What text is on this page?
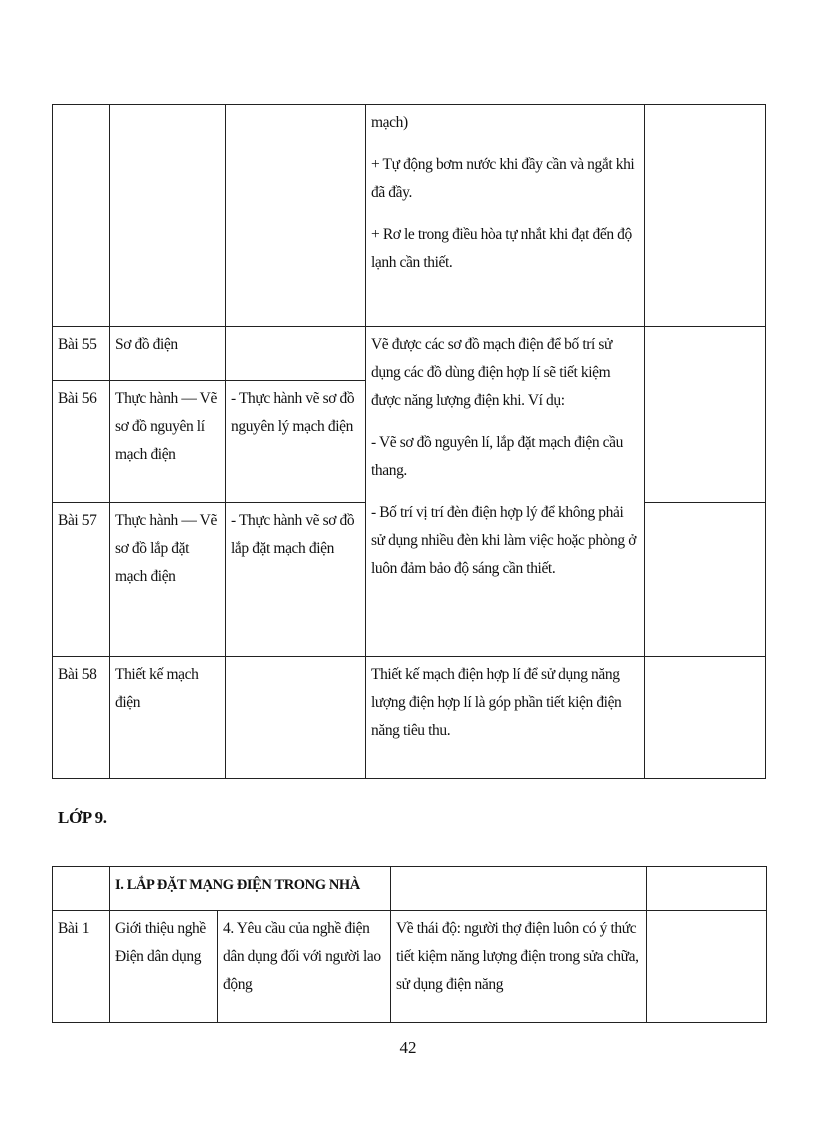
			mạch)

+ Tự động bơm nước khi đầy cần và ngắt khi đã đầy.

+ Rơ le trong điều hòa tự nhắt khi đạt đến độ lạnh cần thiết.	

Bài 55	Sơ đồ điện		Vẽ được các sơ đồ mạch điện để bố trí sử dụng các đồ dùng điện hợp lí sẽ tiết kiệm được năng lượng điện khi. Ví dụ:

- Vẽ sơ đồ nguyên lí, lắp đặt mạch điện cầu thang.

- Bố trí vị trí đèn điện hợp lý để không phải sử dụng nhiều đèn khi làm việc hoặc phòng ở luôn đảm bảo độ sáng cần thiết.	

Bài 56	Thực hành — Vẽ sơ đồ nguyên lí mạch điện	- Thực hành vẽ sơ đồ nguyên lý mạch điện		
Bài 57	Thực hành — Vẽ sơ đồ lắp đặt mạch điện	- Thực hành vẽ sơ đồ lắp đặt mạch điện		
Bài 58	Thiết kế mạch điện		Thiết kế mạch điện hợp lí để sử dụng năng lượng điện hợp lí là góp phần tiết kiện điện năng tiêu thu.	
LỚP 9.
	I. LẮP ĐẶT MẠNG ĐIỆN TRONG NHÀ			
Bài 1	Giới thiệu nghề Điện dân dụng	4. Yêu cầu của nghề điện dân dụng đối với người lao động	Về thái độ: người thợ điện luôn có ý thức tiết kiệm năng lượng điện trong sửa chữa, sử dụng điện năng	
42
